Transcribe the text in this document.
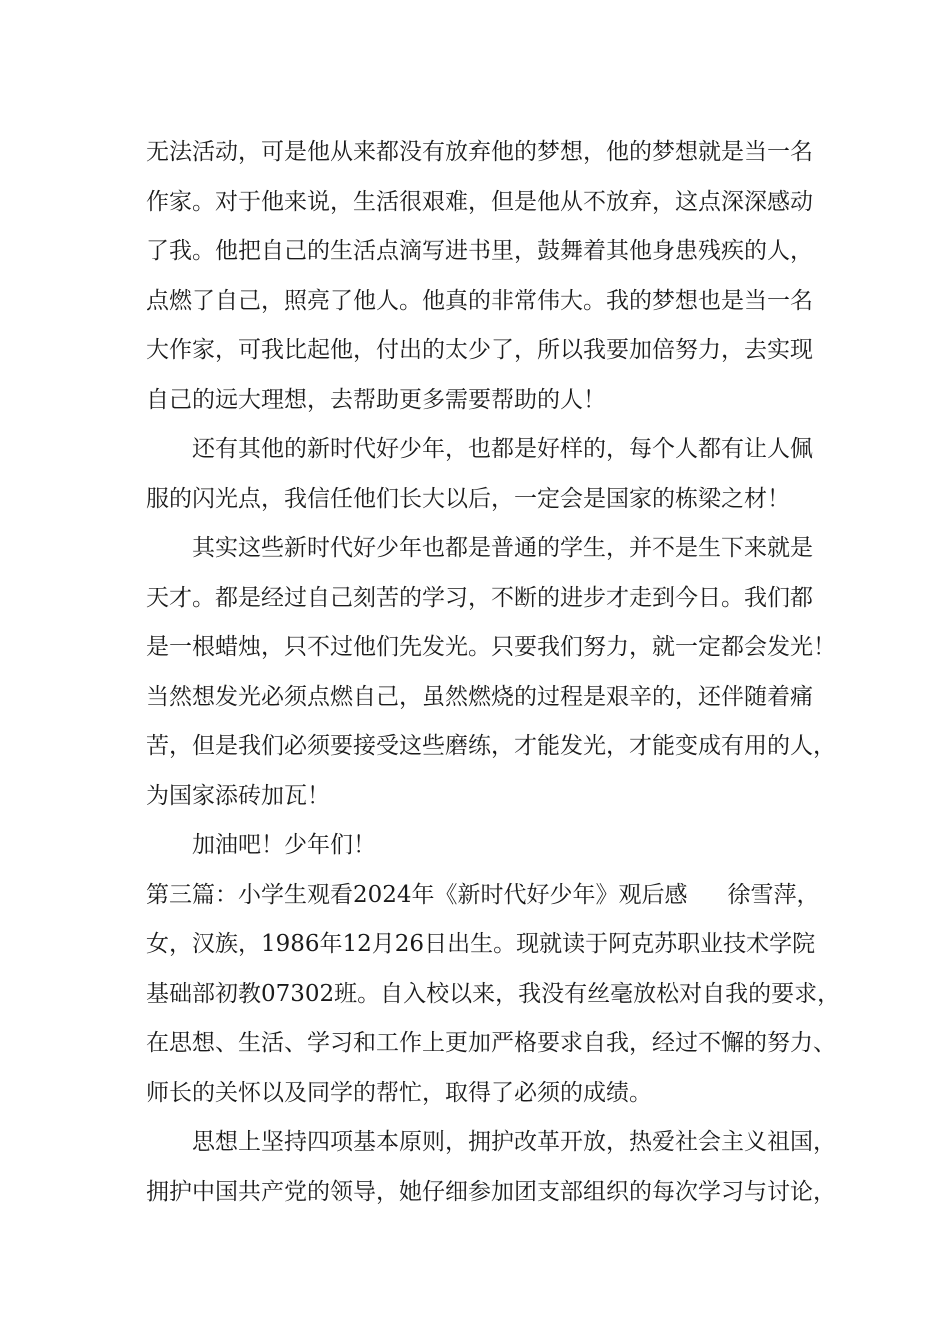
无法活动，可是他从来都没有放弃他的梦想，他的梦想就是当一名
作家。对于他来说，生活很艰难，但是他从不放弃，这点深深感动
了我。他把自己的生活点滴写进书里，鼓舞着其他身患残疾的人，
点燃了自己，照亮了他人。他真的非常伟大。我的梦想也是当一名
大作家，可我比起他，付出的太少了，所以我要加倍努力，去实现
自己的远大理想，去帮助更多需要帮助的人！
还有其他的新时代好少年，也都是好样的，每个人都有让人佩
服的闪光点，我信任他们长大以后，一定会是国家的栋梁之材！
其实这些新时代好少年也都是普通的学生，并不是生下来就是
天才。都是经过自己刻苦的学习，不断的进步才走到今日。我们都
是一根蜡烛，只不过他们先发光。只要我们努力，就一定都会发光！
当然想发光必须点燃自己，虽然燃烧的过程是艰辛的，还伴随着痛
苦，但是我们必须要接受这些磨练，才能发光，才能变成有用的人，
为国家添砖加瓦！
加油吧！少年们！
第三篇：小学生观看2024年《新时代好少年》观后感 徐雪萍，
女，汉族，1986年12月26日出生。现就读于阿克苏职业技术学院
基础部初教07302班。自入校以来，我没有丝毫放松对自我的要求，
在思想、生活、学习和工作上更加严格要求自我，经过不懈的努力、
师长的关怀以及同学的帮忙，取得了必须的成绩。
思想上坚持四项基本原则，拥护改革开放，热爱社会主义祖国，
拥护中国共产党的领导，她仔细参加团支部组织的每次学习与讨论，
